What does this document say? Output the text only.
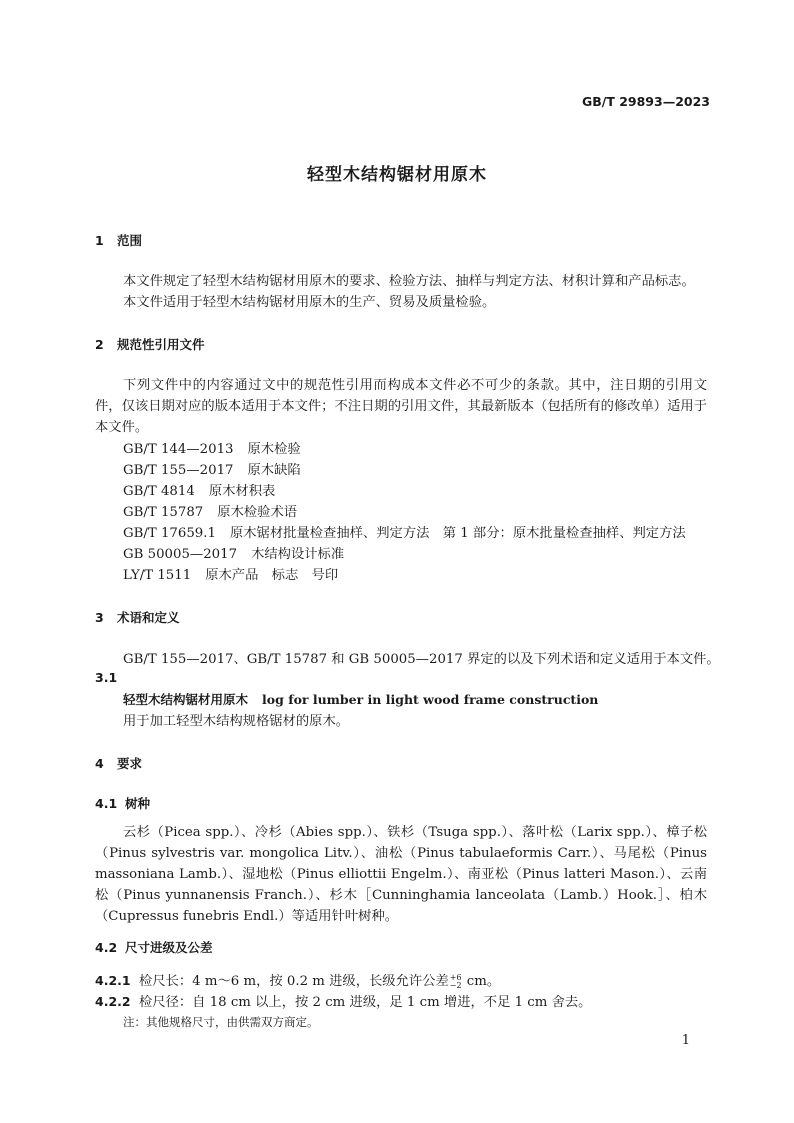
GB/T 29893—2023
轻型木结构锯材用原木
1 范围
本文件规定了轻型木结构锯材用原木的要求、检验方法、抽样与判定方法、材积计算和产品标志。
本文件适用于轻型木结构锯材用原木的生产、贸易及质量检验。
2 规范性引用文件
下列文件中的内容通过文中的规范性引用而构成本文件必不可少的条款。其中，注日期的引用文件，仅该日期对应的版本适用于本文件；不注日期的引用文件，其最新版本（包括所有的修改单）适用于本文件。
GB/T 144—2013 原木检验
GB/T 155—2017 原木缺陷
GB/T 4814 原木材积表
GB/T 15787 原木检验术语
GB/T 17659.1 原木锯材批量检查抽样、判定方法　第 1 部分：原木批量检查抽样、判定方法
GB 50005—2017 木结构设计标准
LY/T 1511 原木产品　标志　号印
3 术语和定义
GB/T 155—2017、GB/T 15787 和 GB 50005—2017 界定的以及下列术语和定义适用于本文件。
3.1
轻型木结构锯材用原木 log for lumber in light wood frame construction
用于加工轻型木结构规格锯材的原木。
4 要求
4.1 树种
云杉（Picea spp.）、冷杉（Abies spp.）、铁杉（Tsuga spp.）、落叶松（Larix spp.）、樟子松（Pinus sylvestris var. mongolica Litv.）、油松（Pinus tabulaeformis Carr.）、马尾松（Pinus massoniana Lamb.）、湿地松（Pinus elliottii Engelm.）、南亚松（Pinus latteri Mason.）、云南松（Pinus yunnanensis Franch.）、杉木［Cunninghamia lanceolata（Lamb.）Hook.］、柏木（Cupressus funebris Endl.）等适用针叶树种。
4.2 尺寸进级及公差
4.2.1 检尺长：4 m～6 m，按 0.2 m 进级，长级允许公差 +6
−2 cm。
4.2.2 检尺径：自 18 cm 以上，按 2 cm 进级，足 1 cm 增进，不足 1 cm 舍去。
注：其他规格尺寸，由供需双方商定。
1
